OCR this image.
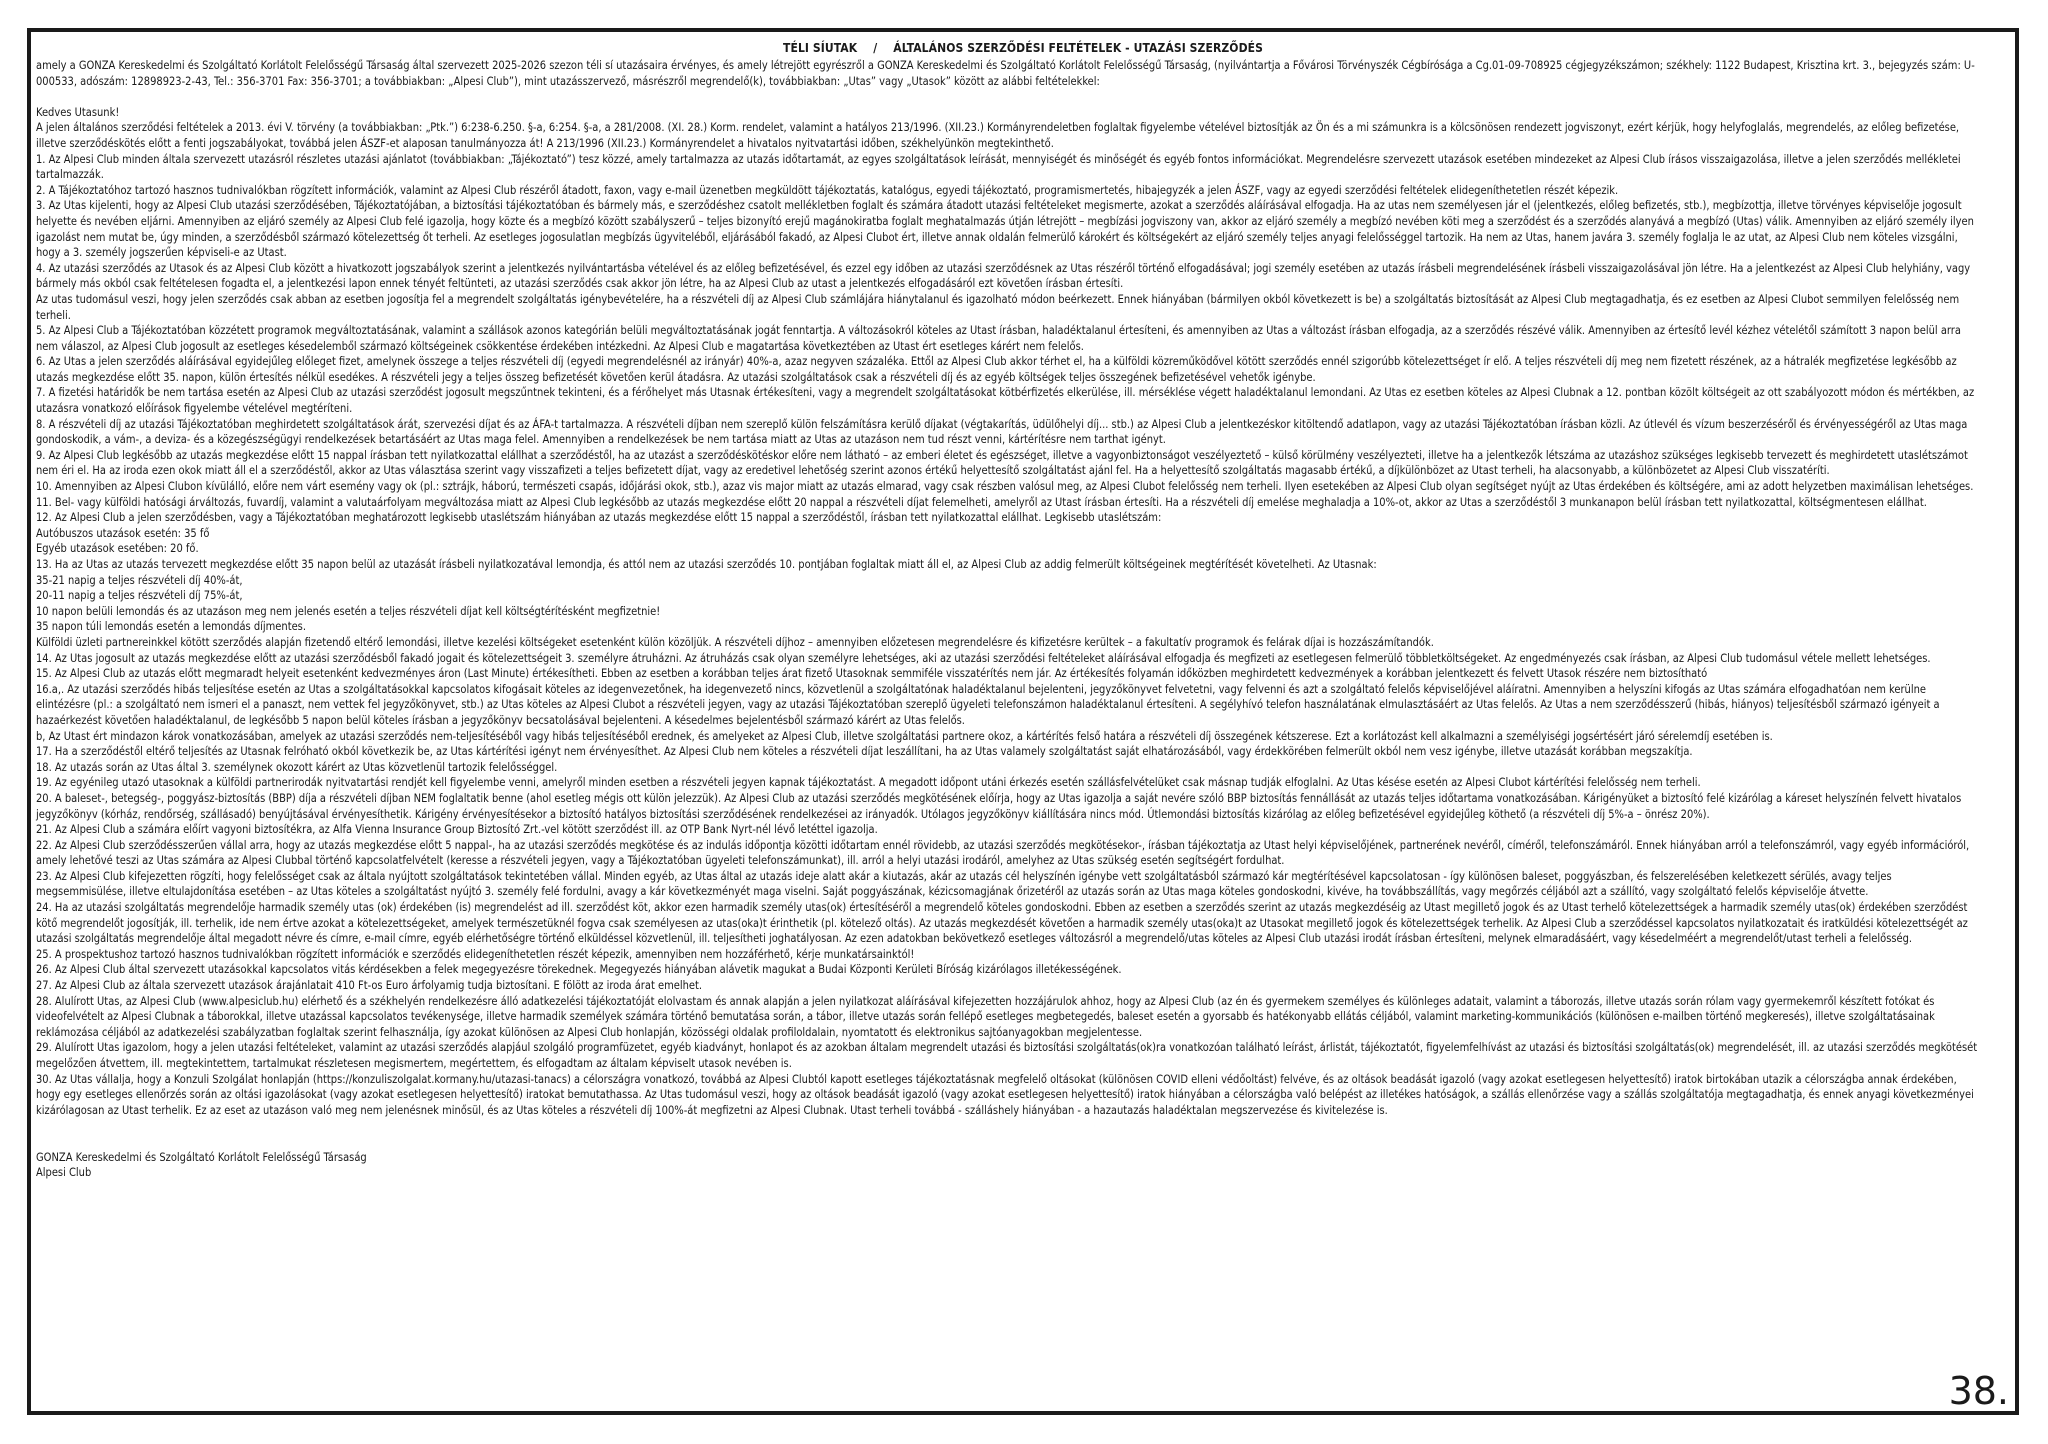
TÉLI SÍUTAK / ÁLTALÁNOS SZERZŐDÉSI FELTÉTELEK - UTAZÁSI SZERZŐDÉS

amely a GONZA Kereskedelmi és Szolgáltató Korlátolt Felelősségű Társaság által szervezett 2025-2026 szezon téli sí utazásaira érvényes, és amely létrejött egyrészről a GONZA Kereskedelmi és Szolgáltató Korlátolt Felelősségű Társaság, (nyilvántartja a Fővárosi Törvényszék Cégbírósága a Cg.01-09-708925 cégjegyzékszámon; székhely: 1122 Budapest, Krisztina krt. 3., bejegyzés szám: U-000533, adószám: 12898923-2-43, Tel.: 356-3701 Fax: 356-3701; a továbbiakban: „Alpesi Club”), mint utazásszervező, másrészről megrendelő(k), továbbiakban: „Utas” vagy „Utasok” között az alábbi feltételekkel:

Kedves Utasunk!

A jelen általános szerződési feltételek a 2013. évi V. törvény (a továbbiakban: „Ptk.”) 6:238-6.250. §-a, 6:254. §-a, a 281/2008. (XI. 28.) Korm. rendelet, valamint a hatályos 213/1996. (XII.23.) Kormányrendeletben foglaltak figyelembe vételével biztosítják az Ön és a mi számunkra is a kölcsönösen rendezett jogviszonyt, ezért kérjük, hogy helyfoglalás, megrendelés, az előleg befizetése, illetve szerződéskötés előtt a fenti jogszabályokat, továbbá jelen ÁSZF-et alaposan tanulmányozza át! A 213/1996 (XII.23.) Kormányrendelet a hivatalos nyitvatartási időben, székhelyünkön megtekinthető.

1. Az Alpesi Club minden általa szervezett utazásról részletes utazási ajánlatot (továbbiakban: „Tájékoztató”) tesz közzé, amely tartalmazza az utazás időtartamát, az egyes szolgáltatások leírását, mennyiségét és minőségét és egyéb fontos információkat. Megrendelésre szervezett utazások esetében mindezeket az Alpesi Club írásos visszaigazolása, illetve a jelen szerződés mellékletei tartalmazzák.

2. A Tájékoztatóhoz tartozó hasznos tudnivalókban rögzített információk, valamint az Alpesi Club részéről átadott, faxon, vagy e-mail üzenetben megküldött tájékoztatás, katalógus, egyedi tájékoztató, programismertetés, hibajegyzék a jelen ÁSZF, vagy az egyedi szerződési feltételek elidegeníthetetlen részét képezik.

3. Az Utas kijelenti, hogy az Alpesi Club utazási szerződésében, Tájékoztatójában, a biztosítási tájékoztatóban és bármely más, e szerződéshez csatolt mellékletben foglalt és számára átadott utazási feltételeket megismerte, azokat a szerződés aláírásával elfogadja. Ha az utas nem személyesen jár el (jelentkezés, előleg befizetés, stb.), megbízottja, illetve törvényes képviselője jogosult helyette és nevében eljárni. Amennyiben az eljáró személy az Alpesi Club felé igazolja, hogy közte és a megbízó között szabályszerű – teljes bizonyító erejű magánokiratba foglalt meghatalmazás útján létrejött – megbízási jogviszony van, akkor az eljáró személy a megbízó nevében köti meg a szerződést és a szerződés alanyává a megbízó (Utas) válik. Amennyiben az eljáró személy ilyen igazolást nem mutat be, úgy minden, a szerződésből származó kötelezettség őt terheli. Az esetleges jogosulatlan megbízás ügyviteléből, eljárásából fakadó, az Alpesi Clubot ért, illetve annak oldalán felmerülő károkért és költségekért az eljáró személy teljes anyagi felelősséggel tartozik. Ha nem az Utas, hanem javára 3. személy foglalja le az utat, az Alpesi Club nem köteles vizsgálni, hogy a 3. személy jogszerűen képviseli-e az Utast.

4. Az utazási szerződés az Utasok és az Alpesi Club között a hivatkozott jogszabályok szerint a jelentkezés nyilvántartásba vételével és az előleg befizetésével, és ezzel egy időben az utazási szerződésnek az Utas részéről történő elfogadásával; jogi személy esetében az utazás írásbeli megrendelésének írásbeli visszaigazolásával jön létre. Ha a jelentkezést az Alpesi Club helyhiány, vagy bármely más okból csak feltételesen fogadta el, a jelentkezési lapon ennek tényét feltünteti, az utazási szerződés csak akkor jön létre, ha az Alpesi Club az utast a jelentkezés elfogadásáról ezt követően írásban értesíti.

Az utas tudomásul veszi, hogy jelen szerződés csak abban az esetben jogosítja fel a megrendelt szolgáltatás igénybevételére, ha a részvételi díj az Alpesi Club számlájára hiánytalanul és igazolható módon beérkezett. Ennek hiányában (bármilyen okból következett is be) a szolgáltatás biztosítását az Alpesi Club megtagadhatja, és ez esetben az Alpesi Clubot semmilyen felelősség nem terheli.

5. Az Alpesi Club a Tájékoztatóban közzétett programok megváltoztatásának, valamint a szállások azonos kategórián belüli megváltoztatásának jogát fenntartja. A változásokról köteles az Utast írásban, haladéktalanul értesíteni, és amennyiben az Utas a változást írásban elfogadja, az a szerződés részévé válik. Amennyiben az értesítő levél kézhez vételétől számított 3 napon belül arra nem válaszol, az Alpesi Club jogosult az esetleges késedelemből származó költségeinek csökkentése érdekében intézkedni. Az Alpesi Club e magatartása következtében az Utast ért esetleges kárért nem felelős.

6. Az Utas a jelen szerződés aláírásával egyidejűleg előleget fizet, amelynek összege a teljes részvételi díj (egyedi megrendelésnél az irányár) 40%-a, azaz negyven százaléka. Ettől az Alpesi Club akkor térhet el, ha a külföldi közreműködővel kötött szerződés ennél szigorúbb kötelezettséget ír elő. A teljes részvételi díj meg nem fizetett részének, az a hátralék megfizetése legkésőbb az utazás megkezdése előtt 35. napon, külön értesítés nélkül esedékes. A részvételi jegy a teljes összeg befizetését követően kerül átadásra. Az utazási szolgáltatások csak a részvételi díj és az egyéb költségek teljes összegének befizetésével vehetők igénybe.

7. A fizetési határidők be nem tartása esetén az Alpesi Club az utazási szerződést jogosult megszűntnek tekinteni, és a férőhelyet más Utasnak értékesíteni, vagy a megrendelt szolgáltatásokat kötbérfizetés elkerülése, ill. mérséklése végett haladéktalanul lemondani. Az Utas ez esetben köteles az Alpesi Clubnak a 12. pontban közölt költségeit az ott szabályozott módon és mértékben, az utazásra vonatkozó előírások figyelembe vételével megtéríteni.

8. A részvételi díj az utazási Tájékoztatóban meghirdetett szolgáltatások árát, szervezési díjat és az ÁFA-t tartalmazza. A részvételi díjban nem szereplő külön felszámításra kerülő díjakat (végtakarítás, üdülőhelyi díj... stb.) az Alpesi Club a jelentkezéskor kitöltendő adatlapon, vagy az utazási Tájékoztatóban írásban közli. Az útlevél és vízum beszerzéséről és érvényességéről az Utas maga gondoskodik, a vám-, a deviza- és a közegészségügyi rendelkezések betartásáért az Utas maga felel. Amennyiben a rendelkezések be nem tartása miatt az Utas az utazáson nem tud részt venni, kártérítésre nem tarthat igényt.

9. Az Alpesi Club legkésőbb az utazás megkezdése előtt 15 nappal írásban tett nyilatkozattal elállhat a szerződéstől, ha az utazást a szerződéskötéskor előre nem látható – az emberi életet és egészséget, illetve a vagyonbiztonságot veszélyeztető – külső körülmény veszélyezteti, illetve ha a jelentkezők létszáma az utazáshoz szükséges legkisebb tervezett és meghirdetett utaslétszámot nem éri el. Ha az iroda ezen okok miatt áll el a szerződéstől, akkor az Utas választása szerint vagy visszafizeti a teljes befizetett díjat, vagy az eredetivel lehetőség szerint azonos értékű helyettesítő szolgáltatást ajánl fel. Ha a helyettesítő szolgáltatás magasabb értékű, a díjkülönbözet az Utast terheli, ha alacsonyabb, a különbözetet az Alpesi Club visszatéríti.

10. Amennyiben az Alpesi Clubon kívülálló, előre nem várt esemény vagy ok (pl.: sztrájk, háború, természeti csapás, időjárási okok, stb.), azaz vis major miatt az utazás elmarad, vagy csak részben valósul meg, az Alpesi Clubot felelősség nem terheli. Ilyen esetekében az Alpesi Club olyan segítséget nyújt az Utas érdekében és költségére, ami az adott helyzetben maximálisan lehetséges.

11. Bel- vagy külföldi hatósági árváltozás, fuvardíj, valamint a valutaárfolyam megváltozása miatt az Alpesi Club legkésőbb az utazás megkezdése előtt 20 nappal a részvételi díjat felemelheti, amelyről az Utast írásban értesíti. Ha a részvételi díj emelése meghaladja a 10%-ot, akkor az Utas a szerződéstől 3 munkanapon belül írásban tett nyilatkozattal, költségmentesen elállhat.

12. Az Alpesi Club a jelen szerződésben, vagy a Tájékoztatóban meghatározott legkisebb utaslétszám hiányában az utazás megkezdése előtt 15 nappal a szerződéstől, írásban tett nyilatkozattal elállhat. Legkisebb utaslétszám:

Autóbuszos utazások esetén: 35 fő

Egyéb utazások esetében: 20 fő.

13. Ha az Utas az utazás tervezett megkezdése előtt 35 napon belül az utazását írásbeli nyilatkozatával lemondja, és attól nem az utazási szerződés 10. pontjában foglaltak miatt áll el, az Alpesi Club az addig felmerült költségeinek megtérítését követelheti. Az Utasnak:

35-21 napig a teljes részvételi díj 40%-át,

20-11 napig a teljes részvételi díj 75%-át,

10 napon belüli lemondás és az utazáson meg nem jelenés esetén a teljes részvételi díjat kell költségtérítésként megfizetnie!

35 napon túli lemondás esetén a lemondás díjmentes.

Külföldi üzleti partnereinkkel kötött szerződés alapján fizetendő eltérő lemondási, illetve kezelési költségeket esetenként külön közöljük. A részvételi díjhoz – amennyiben előzetesen megrendelésre és kifizetésre kerültek – a fakultatív programok és felárak díjai is hozzászámítandók.

14. Az Utas jogosult az utazás megkezdése előtt az utazási szerződésből fakadó jogait és kötelezettségeit 3. személyre átruházni. Az átruházás csak olyan személyre lehetséges, aki az utazási szerződési feltételeket aláírásával elfogadja és megfizeti az esetlegesen felmerülő többletköltségeket. Az engedményezés csak írásban, az Alpesi Club tudomásul vétele mellett lehetséges.

15. Az Alpesi Club az utazás előtt megmaradt helyeit esetenként kedvezményes áron (Last Minute) értékesítheti. Ebben az esetben a korábban teljes árat fizető Utasoknak semmiféle visszatérítés nem jár. Az értékesítés folyamán időközben meghirdetett kedvezmények a korábban jelentkezett és felvett Utasok részére nem biztosítható

16.a,. Az utazási szerződés hibás teljesítése esetén az Utas a szolgáltatásokkal kapcsolatos kifogásait köteles az idegenvezetőnek, ha idegenvezető nincs, közvetlenül a szolgáltatónak haladéktalanul bejelenteni, jegyzőkönyvet felvetetni, vagy felvenni és azt a szolgáltató felelős képviselőjével aláíratni. Amennyiben a helyszíni kifogás az Utas számára elfogadhatóan nem kerülne elintézésre (pl.: a szolgáltató nem ismeri el a panaszt, nem vettek fel jegyzőkönyvet, stb.) az Utas köteles az Alpesi Clubot a részvételi jegyen, vagy az utazási Tájékoztatóban szereplő ügyeleti telefonszámon haladéktalanul értesíteni. A segélyhívó telefon használatának elmulasztásáért az Utas felelős. Az Utas a nem szerződésszerű (hibás, hiányos) teljesítésből származó igényeit a hazaérkezést követően haladéktalanul, de legkésőbb 5 napon belül köteles írásban a jegyzőkönyv becsatolásával bejelenteni. A késedelmes bejelentésből származó kárért az Utas felelős.

b, Az Utast ért mindazon károk vonatkozásában, amelyek az utazási szerződés nem-teljesítéséből vagy hibás teljesítéséből erednek, és amelyeket az Alpesi Club, illetve szolgáltatási partnere okoz, a kártérítés felső határa a részvételi díj összegének kétszerese. Ezt a korlátozást kell alkalmazni a személyiségi jogsértésért járó sérelemdíj esetében is.

17. Ha a szerződéstől eltérő teljesítés az Utasnak felróható okból következik be, az Utas kártérítési igényt nem érvényesíthet. Az Alpesi Club nem köteles a részvételi díjat leszállítani, ha az Utas valamely szolgáltatást saját elhatározásából, vagy érdekkörében felmerült okból nem vesz igénybe, illetve utazását korábban megszakítja.

18. Az utazás során az Utas által 3. személynek okozott kárért az Utas közvetlenül tartozik felelősséggel.

19. Az egyénileg utazó utasoknak a külföldi partnerirodák nyitvatartási rendjét kell figyelembe venni, amelyről minden esetben a részvételi jegyen kapnak tájékoztatást. A megadott időpont utáni érkezés esetén szállásfelvételüket csak másnap tudják elfoglalni. Az Utas késése esetén az Alpesi Clubot kártérítési felelősség nem terheli.

20. A baleset-, betegség-, poggyász-biztosítás (BBP) díja a részvételi díjban NEM foglaltatik benne (ahol esetleg mégis ott külön jelezzük). Az Alpesi Club az utazási szerződés megkötésének előírja, hogy az Utas igazolja a saját nevére szóló BBP biztosítás fennállását az utazás teljes időtartama vonatkozásában. Kárigényüket a biztosító felé kizárólag a káreset helyszínén felvett hivatalos jegyzőkönyv (kórház, rendőrség, szállásadó) benyújtásával érvényesíthetik. Kárigény érvényesítésekor a biztosító hatályos biztosítási szerződésének rendelkezései az irányadók. Utólagos jegyzőkönyv kiállítására nincs mód. Útlemondási biztosítás kizárólag az előleg befizetésével egyidejűleg köthető (a részvételi díj 5%-a – önrész 20%).

21. Az Alpesi Club a számára előírt vagyoni biztosítékra, az Alfa Vienna Insurance Group Biztosító Zrt.-vel kötött szerződést ill. az OTP Bank Nyrt-nél lévő letéttel igazolja.

22. Az Alpesi Club szerződésszerűen vállal arra, hogy az utazás megkezdése előtt 5 nappal-, ha az utazási szerződés megkötése és az indulás időpontja közötti időtartam ennél rövidebb, az utazási szerződés megkötésekor-, írásban tájékoztatja az Utast helyi képviselőjének, partnerének nevéről, címéről, telefonszámáról. Ennek hiányában arról a telefonszámról, vagy egyéb információról, amely lehetővé teszi az Utas számára az Alpesi Clubbal történő kapcsolatfelvételt (keresse a részvételi jegyen, vagy a Tájékoztatóban ügyeleti telefonszámunkat), ill. arról a helyi utazási irodáról, amelyhez az Utas szükség esetén segítségért fordulhat.

23. Az Alpesi Club kifejezetten rögzíti, hogy felelősséget csak az általa nyújtott szolgáltatások tekintetében vállal. Minden egyéb, az Utas által az utazás ideje alatt akár a kiutazás, akár az utazás cél helyszínén igénybe vett szolgáltatásból származó kár megtérítésével kapcsolatosan - így különösen baleset, poggyászban, és felszerelésében keletkezett sérülés, avagy teljes megsemmisülése, illetve eltulajdonítása esetében – az Utas köteles a szolgáltatást nyújtó 3. személy felé fordulni, avagy a kár következményét maga viselni. Saját poggyászának, kézicsomagjának őrizetéről az utazás során az Utas maga köteles gondoskodni, kivéve, ha továbbszállítás, vagy megőrzés céljából azt a szállító, vagy szolgáltató felelős képviselője átvette.

24. Ha az utazási szolgáltatás megrendelője harmadik személy utas (ok) érdekében (is) megrendelést ad ill. szerződést köt, akkor ezen harmadik személy utas(ok) értesítéséről a megrendelő köteles gondoskodni. Ebben az esetben a szerződés szerint az utazás megkezdéséig az Utast megillető jogok és az Utast terhelő kötelezettségek a harmadik személy utas(ok) érdekében szerződést kötő megrendelőt jogosítják, ill. terhelik, ide nem értve azokat a kötelezettségeket, amelyek természetüknél fogva csak személyesen az utas(oka)t érinthetik (pl. kötelező oltás). Az utazás megkezdését követően a harmadik személy utas(oka)t az Utasokat megillető jogok és kötelezettségek terhelik. Az Alpesi Club a szerződéssel kapcsolatos nyilatkozatait és iratküldési kötelezettségét az utazási szolgáltatás megrendelője által megadott névre és címre, e-mail címre, egyéb elérhetőségre történő elküldéssel közvetlenül, ill. teljesítheti joghatályosan. Az ezen adatokban bekövetkező esetleges változásról a megrendelő/utas köteles az Alpesi Club utazási irodát írásban értesíteni, melynek elmaradásáért, vagy késedelméért a megrendelőt/utast terheli a felelősség.

25. A prospektushoz tartozó hasznos tudnivalókban rögzített információk e szerződés elidegeníthetetlen részét képezik, amennyiben nem hozzáférhető, kérje munkatársainktól!

26. Az Alpesi Club által szervezett utazásokkal kapcsolatos vitás kérdésekben a felek megegyezésre törekednek. Megegyezés hiányában alávetik magukat a Budai Központi Kerületi Bíróság kizárólagos illetékességének.

27. Az Alpesi Club az általa szervezett utazások árajánlatait 410 Ft-os Euro árfolyamig tudja biztosítani. E fölött az iroda árat emelhet.

28. Alulírott Utas, az Alpesi Club (www.alpesiclub.hu) elérhető és a székhelyén rendelkezésre álló adatkezelési tájékoztatóját elolvastam és annak alapján a jelen nyilatkozat aláírásával kifejezetten hozzájárulok ahhoz, hogy az Alpesi Club (az én és gyermekem személyes és különleges adatait, valamint a táborozás, illetve utazás során rólam vagy gyermekemről készített fotókat és videofelvételt az Alpesi Clubnak a táborokkal, illetve utazással kapcsolatos tevékenysége, illetve harmadik személyek számára történő bemutatása során, a tábor, illetve utazás során fellépő esetleges megbetegedés, baleset esetén a gyorsabb és hatékonyabb ellátás céljából, valamint marketing-kommunikációs (különösen e-mailben történő megkeresés), illetve szolgáltatásainak reklámozása céljából az adatkezelési szabályzatban foglaltak szerint felhasználja, így azokat különösen az Alpesi Club honlapján, közösségi oldalak profiloldalain, nyomtatott és elektronikus sajtóanyagokban megjelentesse.

29. Alulírott Utas igazolom, hogy a jelen utazási feltételeket, valamint az utazási szerződés alapjául szolgáló programfüzetet, egyéb kiadványt, honlapot és az azokban általam megrendelt utazási és biztosítási szolgáltatás(ok)ra vonatkozóan található leírást, árlistát, tájékoztatót, figyelemfelhívást az utazási és biztosítási szolgáltatás(ok) megrendelését, ill. az utazási szerződés megkötését megelőzően átvettem, ill. megtekintettem, tartalmukat részletesen megismertem, megértettem, és elfogadtam az általam képviselt utasok nevében is.

30. Az Utas vállalja, hogy a Konzuli Szolgálat honlapján (https://konzuliszolgalat.kormany.hu/utazasi-tanacs) a célországra vonatkozó, továbbá az Alpesi Clubtól kapott esetleges tájékoztatásnak megfelelő oltásokat (különösen COVID elleni védőoltást) felvéve, és az oltások beadását igazoló (vagy azokat esetlegesen helyettesítő) iratok birtokában utazik a célországba annak érdekében, hogy egy esetleges ellenőrzés során az oltási igazolásokat (vagy azokat esetlegesen helyettesítő) iratokat bemutathassa. Az Utas tudomásul veszi, hogy az oltások beadását igazoló (vagy azokat esetlegesen helyettesítő) iratok hiányában a célországba való belépést az illetékes hatóságok, a szállás ellenőrzése vagy a szállás szolgáltatója megtagadhatja, és ennek anyagi következményei kizárólagosan az Utast terhelik. Ez az eset az utazáson való meg nem jelenésnek minősül, és az Utas köteles a részvételi díj 100%-át megfizetni az Alpesi Clubnak. Utast terheli továbbá - szálláshely hiányában - a hazautazás haladéktalan megszervezése és kivitelezése is.

GONZA Kereskedelmi és Szolgáltató Korlátolt Felelősségű Társaság

Alpesi Club

38.
